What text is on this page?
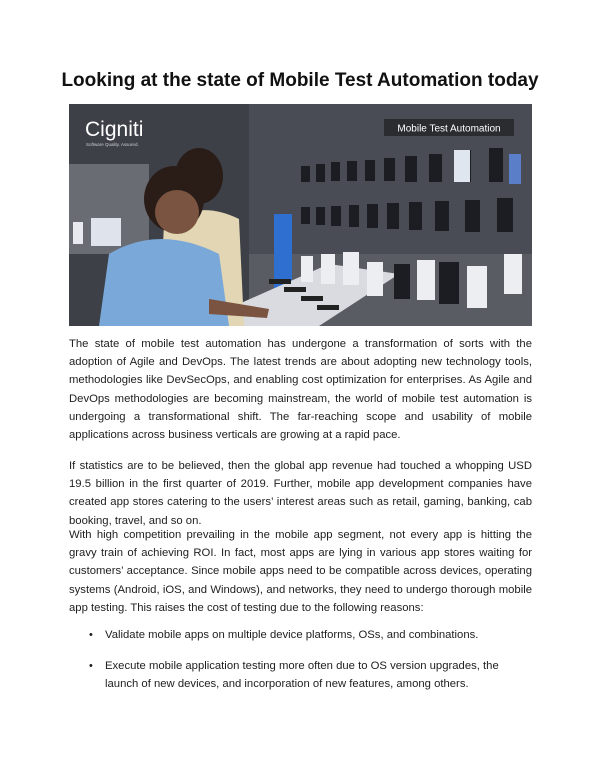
Looking at the state of Mobile Test Automation today
Cigniti
Software Quality. Assured.
Mobile Test Automation

The state of mobile test automation has undergone a transformation of sorts with the adoption of Agile and DevOps. The latest trends are about adopting new technology tools, methodologies like DevSecOps, and enabling cost optimization for enterprises. As Agile and DevOps methodologies are becoming mainstream, the world of mobile test automation is undergoing a transformational shift. The far-reaching scope and usability of mobile applications across business verticals are growing at a rapid pace.

If statistics are to be believed, then the global app revenue had touched a whopping USD 19.5 billion in the first quarter of 2019. Further, mobile app development companies have created app stores catering to the users’ interest areas such as retail, gaming, banking, cab booking, travel, and so on.

With high competition prevailing in the mobile app segment, not every app is hitting the gravy train of achieving ROI. In fact, most apps are lying in various app stores waiting for customers’ acceptance. Since mobile apps need to be compatible across devices, operating systems (Android, iOS, and Windows), and networks, they need to undergo thorough mobile app testing. This raises the cost of testing due to the following reasons:

• Validate mobile apps on multiple device platforms, OSs, and combinations.
• Execute mobile application testing more often due to OS version upgrades, the launch of new devices, and incorporation of new features, among others.
